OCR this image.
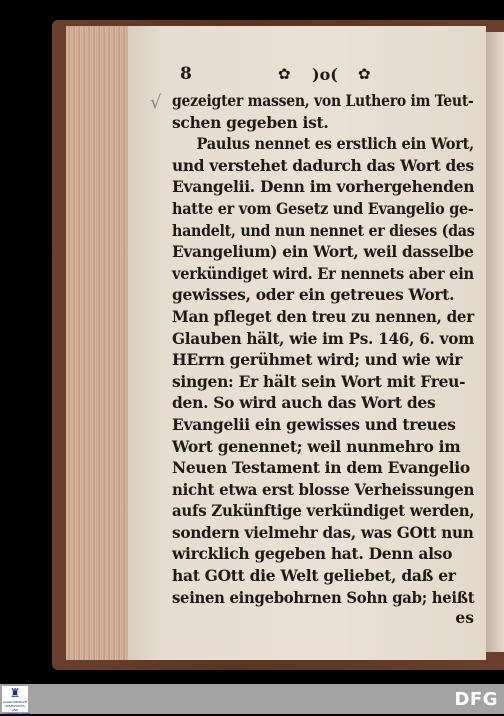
√
8	✿ )o( ✿
gezeigter massen, von Luthero im Teut-
schen gegeben ist.
Paulus nennet es erstlich ein Wort,
und verstehet dadurch das Wort des
Evangelii. Denn im vorhergehenden
hatte er vom Gesetz und Evangelio ge-
handelt, und nun nennet er dieses (das
Evangelium) ein Wort, weil dasselbe
verkündiget wird. Er nennets aber ein
gewisses, oder ein getreues Wort.
Man pfleget den treu zu nennen, der
Glauben hält, wie im Ps. 146, 6. vom
HErrn gerühmet wird; und wie wir
singen: Er hält sein Wort mit Freu-
den. So wird auch das Wort des
Evangelii ein gewisses und treues
Wort genennet; weil nunmehro im
Neuen Testament in dem Evangelio
nicht etwa erst blosse Verheissungen
aufs Zukünftige verkündiget werden,
sondern vielmehr das, was GOtt nun
wircklich gegeben hat. Denn also
hat GOtt die Welt geliebet, daß er
seinen eingebohrnen Sohn gab; heißt
es
♜
SAARLÄNDISCHE UNIVERSITÄTS- UND LANDESBIBLIOTHEK
DFG
